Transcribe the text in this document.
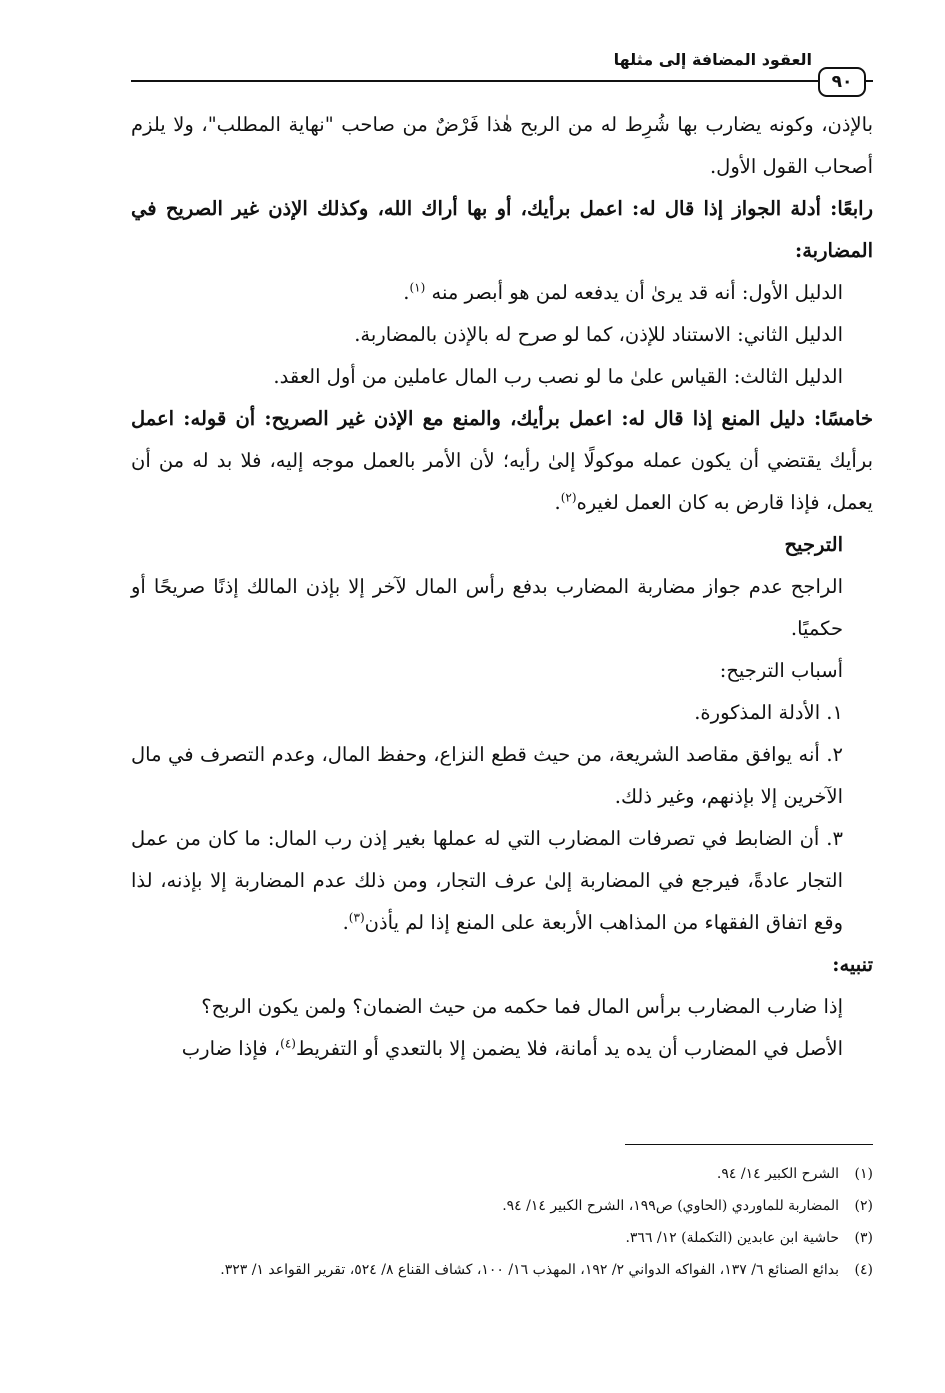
العقود المضافة إلى مثلها
٩٠

بالإذن، وكونه يضارب بها شُرِط له من الربح هٰذا فَرْضٌ من صاحب "نهاية المطلب"، ولا يلزم أصحاب القول الأول.

رابعًا: أدلة الجواز إذا قال له: اعمل برأيك، أو بها أراك الله، وكذلك الإذن غير الصريح في المضاربة:

الدليل الأول: أنه قد يرىٰ أن يدفعه لمن هو أبصر منه $^{(١)}$.

الدليل الثاني: الاستناد للإذن، كما لو صرح له بالإذن بالمضاربة.

الدليل الثالث: القياس علىٰ ما لو نصب رب المال عاملين من أول العقد.

خامسًا: دليل المنع إذا قال له: اعمل برأيك، والمنع مع الإذن غير الصريح: أن قوله: اعمل برأيك يقتضي أن يكون عمله موكولًا إلىٰ رأيه؛ لأن الأمر بالعمل موجه إليه، فلا بد له من أن يعمل، فإذا قارض به كان العمل لغيره$^{(٢)}$.

الترجيح

الراجح عدم جواز مضاربة المضارب بدفع رأس المال لآخر إلا بإذن المالك إذنًا صريحًا أو حكميًا.

أسباب الترجيح:

١. الأدلة المذكورة.

٢. أنه يوافق مقاصد الشريعة، من حيث قطع النزاع، وحفظ المال، وعدم التصرف في مال الآخرين إلا بإذنهم، وغير ذلك.

٣. أن الضابط في تصرفات المضارب التي له عملها بغير إذن رب المال: ما كان من عمل التجار عادةً، فيرجع في المضاربة إلىٰ عرف التجار، ومن ذلك عدم المضاربة إلا بإذنه، لذا وقع اتفاق الفقهاء من المذاهب الأربعة على المنع إذا لم يأذن$^{(٣)}$.

تنبيه:

إذا ضارب المضارب برأس المال فما حكمه من حيث الضمان؟ ولمن يكون الربح؟

الأصل في المضارب أن يده يد أمانة، فلا يضمن إلا بالتعدي أو التفريط$^{(٤)}$، فإذا ضارب

(١)
الشرح الكبير ١٤/ ٩٤.

(٢)
المضاربة للماوردي (الحاوي) ص١٩٩، الشرح الكبير ١٤/ ٩٤.

(٣)
حاشية ابن عابدين (التكملة) ١٢/ ٣٦٦.

(٤)
بدائع الصنائع ٦/ ١٣٧، الفواكه الدواني ٢/ ١٩٢، المهذب ١٦/ ١٠٠، كشاف القناع ٨/ ٥٢٤، تقرير القواعد ١/ ٣٢٣.
